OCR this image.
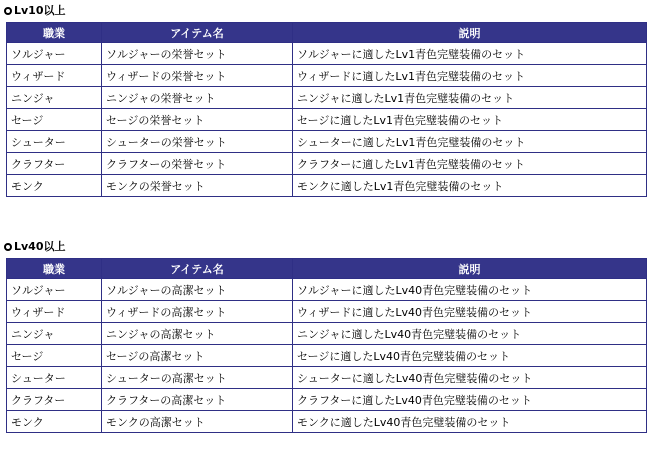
Lv10以上
職業	アイテム名	説明
ソルジャー	ソルジャーの栄誉セット	ソルジャーに適したLv1青色完璧装備のセット
ウィザード	ウィザードの栄誉セット	ウィザードに適したLv1青色完璧装備のセット
ニンジャ	ニンジャの栄誉セット	ニンジャに適したLv1青色完璧装備のセット
セージ	セージの栄誉セット	セージに適したLv1青色完璧装備のセット
シューター	シューターの栄誉セット	シューターに適したLv1青色完璧装備のセット
クラフター	クラフターの栄誉セット	クラフターに適したLv1青色完璧装備のセット
モンク	モンクの栄誉セット	モンクに適したLv1青色完璧装備のセット
Lv40以上
職業	アイテム名	説明
ソルジャー	ソルジャーの高潔セット	ソルジャーに適したLv40青色完璧装備のセット
ウィザード	ウィザードの高潔セット	ウィザードに適したLv40青色完璧装備のセット
ニンジャ	ニンジャの高潔セット	ニンジャに適したLv40青色完璧装備のセット
セージ	セージの高潔セット	セージに適したLv40青色完璧装備のセット
シューター	シューターの高潔セット	シューターに適したLv40青色完璧装備のセット
クラフター	クラフターの高潔セット	クラフターに適したLv40青色完璧装備のセット
モンク	モンクの高潔セット	モンクに適したLv40青色完璧装備のセット
